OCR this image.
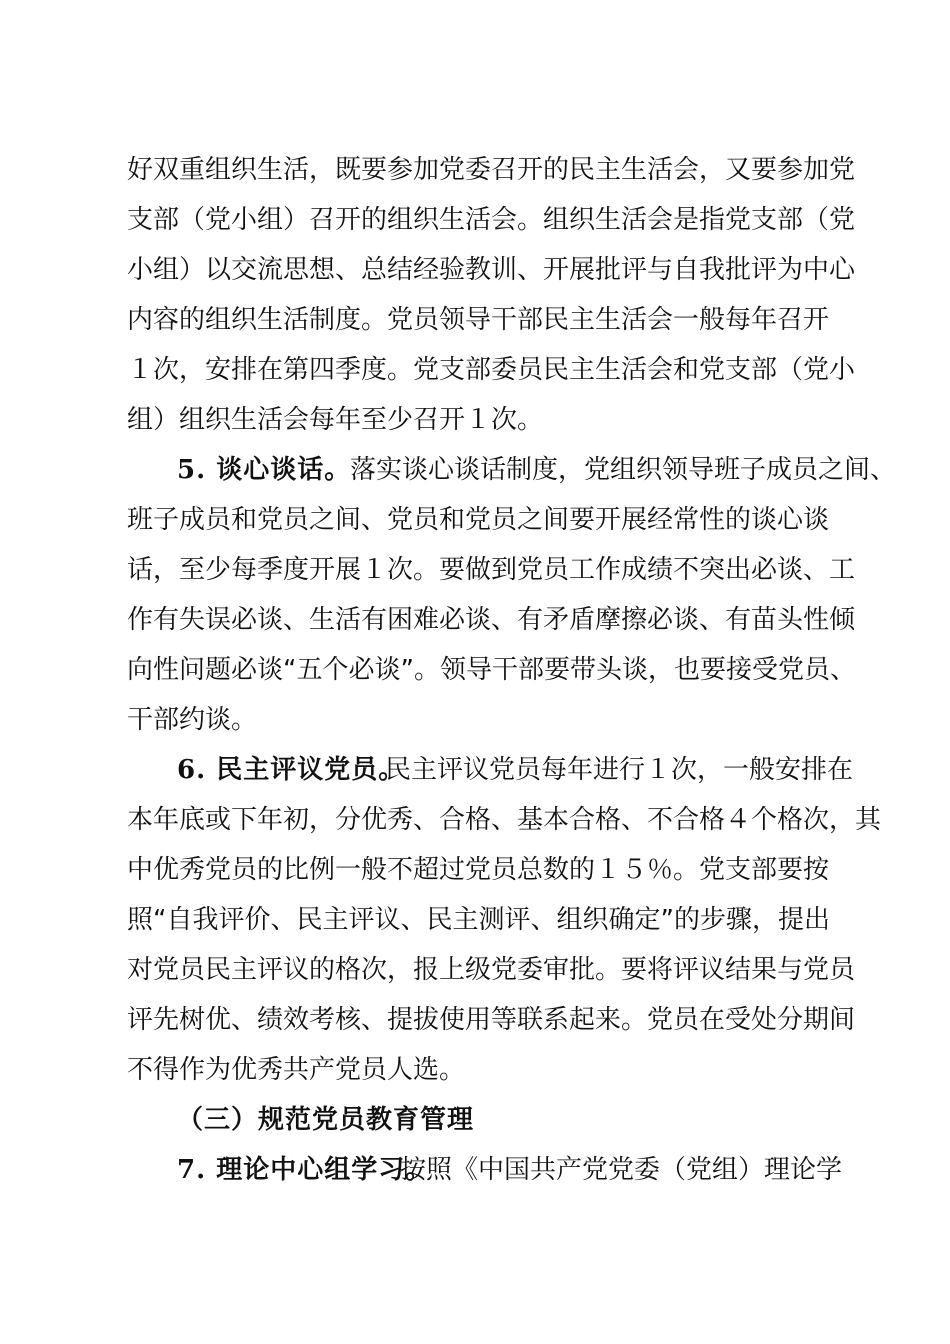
好双重组织生活，既要参加党委召开的民主生活会，又要参加党
支部（党小组）召开的组织生活会。组织生活会是指党支部（党
小组）以交流思想、总结经验教训、开展批评与自我批评为中心
内容的组织生活制度。党员领导干部民主生活会一般每年召开
１次，安排在第四季度。党支部委员民主生活会和党支部（党小
组）组织生活会每年至少召开１次。
5. 谈心谈话。
落实谈心谈话制度，党组织领导班子成员之间、
班子成员和党员之间、党员和党员之间要开展经常性的谈心谈
话，至少每季度开展１次。要做到党员工作成绩不突出必谈、工
作有失误必谈、生活有困难必谈、有矛盾摩擦必谈、有苗头性倾
向性问题必谈“五个必谈”。领导干部要带头谈，也要接受党员、
干部约谈。
6. 民主评议党员。
民主评议党员每年进行１次，一般安排在
本年底或下年初，分优秀、合格、基本合格、不合格４个格次，其
中优秀党员的比例一般不超过党员总数的１５％。党支部要按
照“自我评价、民主评议、民主测评、组织确定”的步骤，提出
对党员民主评议的格次，报上级党委审批。要将评议结果与党员
评先树优、绩效考核、提拔使用等联系起来。党员在受处分期间
不得作为优秀共产党员人选。
（三）规范党员教育管理
7. 理论中心组学习。
按照《中国共产党党委（党组）理论学
